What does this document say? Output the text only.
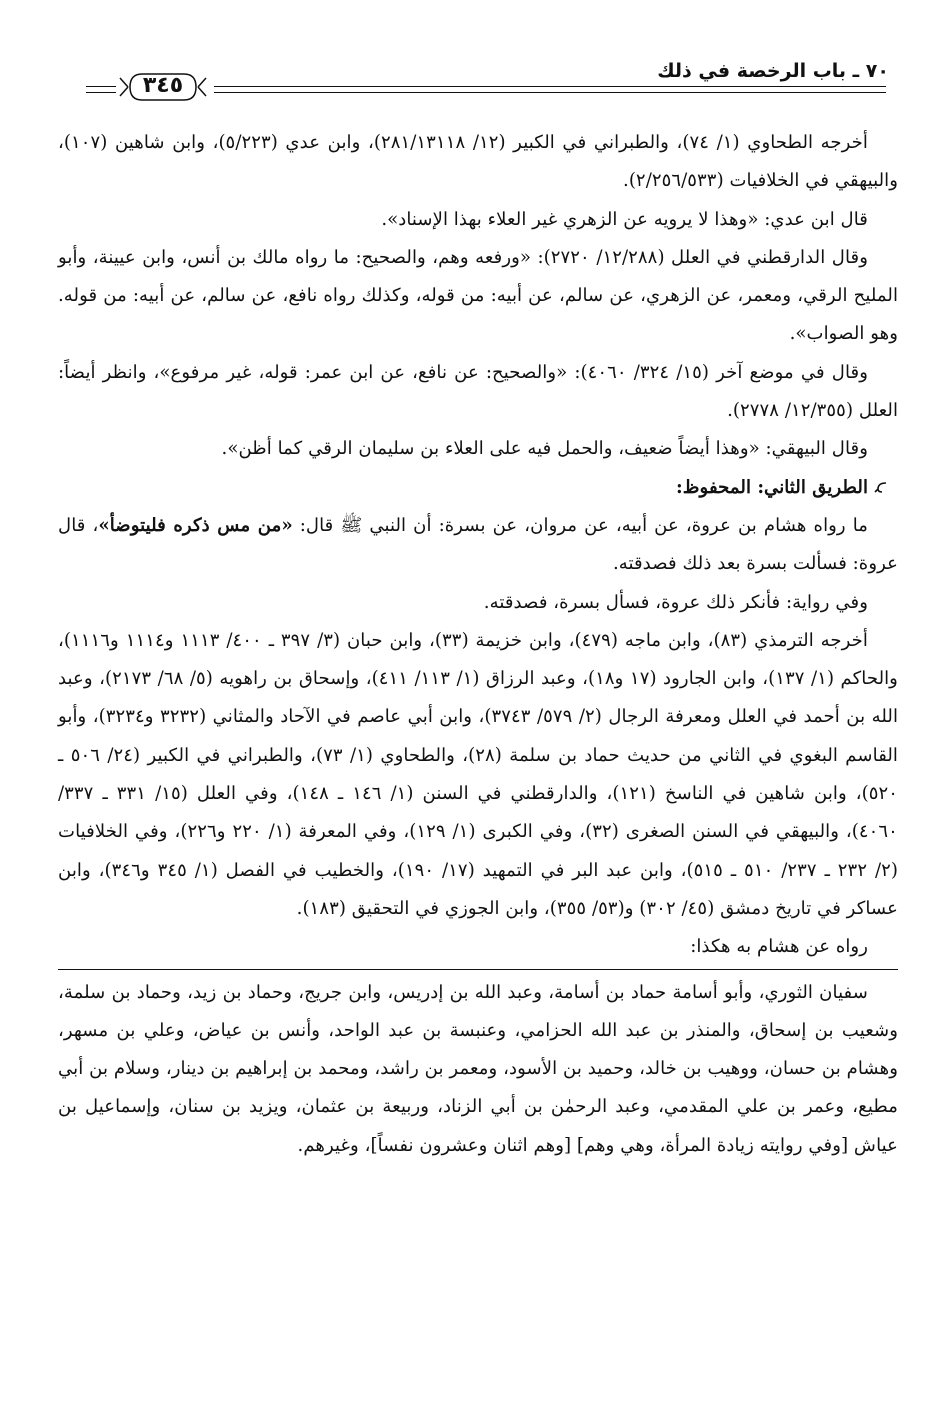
٧٠ ـ باب الرخصة في ذلك
٣٤٥

أخرجه الطحاوي (١/ ٧٤)، والطبراني في الكبير (١٢/ ٢٨١/١٣١١٨)، وابن عدي (٥/٢٢٣)، وابن شاهين (١٠٧)، والبيهقي في الخلافيات (٢/٢٥٦/٥٣٣).

قال ابن عدي: «وهذا لا يرويه عن الزهري غير العلاء بهذا الإسناد».

وقال الدارقطني في العلل (١٢/٢٨٨/ ٢٧٢٠): «ورفعه وهم، والصحيح: ما رواه مالك بن أنس، وابن عيينة، وأبو المليح الرقي، ومعمر، عن الزهري، عن سالم، عن أبيه: من قوله، وكذلك رواه نافع، عن سالم، عن أبيه: من قوله. وهو الصواب».

وقال في موضع آخر (١٥/ ٣٢٤/ ٤٠٦٠): «والصحيح: عن نافع، عن ابن عمر: قوله، غير مرفوع»، وانظر أيضاً: العلل (١٢/٣٥٥/ ٢٧٧٨).

وقال البيهقي: «وهذا أيضاً ضعيف، والحمل فيه على العلاء بن سليمان الرقي كما أظن».

الطريق الثاني: المحفوظ:

ما رواه هشام بن عروة، عن أبيه، عن مروان، عن بسرة: أن النبي ﷺ قال: «من مس ذكره فليتوضأ»، قال عروة: فسألت بسرة بعد ذلك فصدقته.

وفي رواية: فأنكر ذلك عروة، فسأل بسرة، فصدقته.

أخرجه الترمذي (٨٣)، وابن ماجه (٤٧٩)، وابن خزيمة (٣٣)، وابن حبان (٣/ ٣٩٧ ـ ٤٠٠/ ١١١٣ و١١١٤ و١١١٦)، والحاكم (١/ ١٣٧)، وابن الجارود (١٧ و١٨)، وعبد الرزاق (١/ ١١٣/ ٤١١)، وإسحاق بن راهويه (٥/ ٦٨/ ٢١٧٣)، وعبد الله بن أحمد في العلل ومعرفة الرجال (٢/ ٥٧٩/ ٣٧٤٣)، وابن أبي عاصم في الآحاد والمثاني (٣٢٣٢ و٣٢٣٤)، وأبو القاسم البغوي في الثاني من حديث حماد بن سلمة (٢٨)، والطحاوي (١/ ٧٣)، والطبراني في الكبير (٢٤/ ٥٠٦ ـ ٥٢٠)، وابن شاهين في الناسخ (١٢١)، والدارقطني في السنن (١/ ١٤٦ ـ ١٤٨)، وفي العلل (١٥/ ٣٣١ ـ ٣٣٧/ ٤٠٦٠)، والبيهقي في السنن الصغرى (٣٢)، وفي الكبرى (١/ ١٢٩)، وفي المعرفة (١/ ٢٢٠ و٢٢٦)، وفي الخلافيات (٢/ ٢٣٢ ـ ٢٣٧/ ٥١٠ ـ ٥١٥)، وابن عبد البر في التمهيد (١٧/ ١٩٠)، والخطيب في الفصل (١/ ٣٤٥ و٣٤٦)، وابن عساكر في تاريخ دمشق (٤٥/ ٣٠٢) و(٥٣/ ٣٥٥)، وابن الجوزي في التحقيق (١٨٣).

رواه عن هشام به هكذا:

سفيان الثوري، وأبو أسامة حماد بن أسامة، وعبد الله بن إدريس، وابن جريج، وحماد بن زيد، وحماد بن سلمة، وشعيب بن إسحاق، والمنذر بن عبد الله الحزامي، وعنبسة بن عبد الواحد، وأنس بن عياض، وعلي بن مسهر، وهشام بن حسان، ووهيب بن خالد، وحميد بن الأسود، ومعمر بن راشد، ومحمد بن إبراهيم بن دينار، وسلام بن أبي مطيع، وعمر بن علي المقدمي، وعبد الرحمٰن بن أبي الزناد، وربيعة بن عثمان، ويزيد بن سنان، وإسماعيل بن عياش [وفي روايته زيادة المرأة، وهي وهم] [وهم اثنان وعشرون نفساً]، وغيرهم.
